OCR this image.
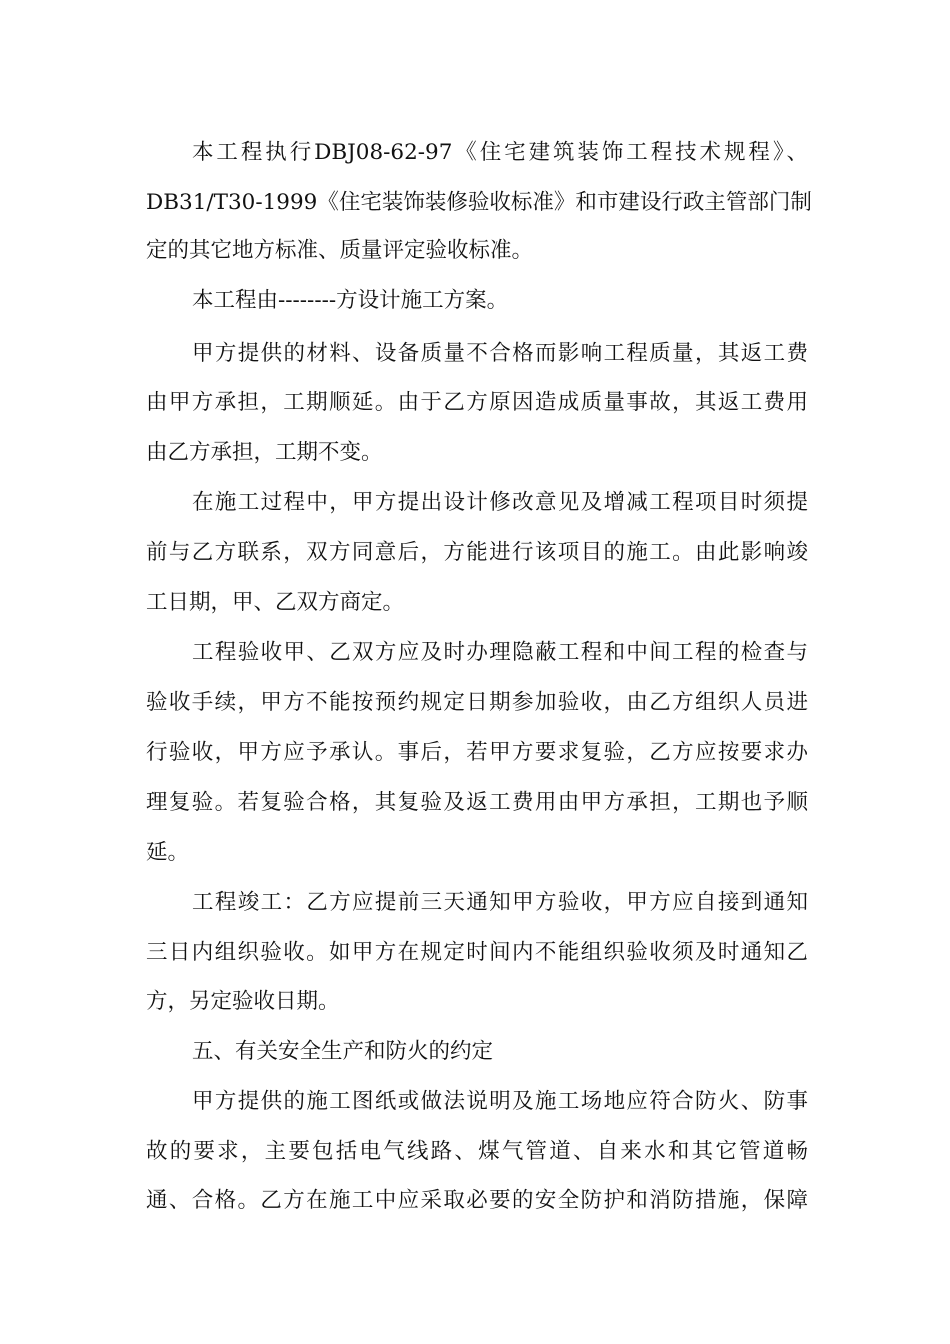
本工程执行DBJ08-62-97《住宅建筑装饰工程技术规程》、
DB31/T30-1999《住宅装饰装修验收标准》和市建设行政主管部门制
定的其它地方标准、质量评定验收标准。
本工程由--------方设计施工方案。
甲方提供的材料、设备质量不合格而影响工程质量，其返工费
由甲方承担，工期顺延。由于乙方原因造成质量事故，其返工费用
由乙方承担，工期不变。
在施工过程中，甲方提出设计修改意见及增减工程项目时须提
前与乙方联系，双方同意后，方能进行该项目的施工。由此影响竣
工日期，甲、乙双方商定。
工程验收甲、乙双方应及时办理隐蔽工程和中间工程的检查与
验收手续，甲方不能按预约规定日期参加验收，由乙方组织人员进
行验收，甲方应予承认。事后，若甲方要求复验，乙方应按要求办
理复验。若复验合格，其复验及返工费用由甲方承担，工期也予顺
延。
工程竣工：乙方应提前三天通知甲方验收，甲方应自接到通知
三日内组织验收。如甲方在规定时间内不能组织验收须及时通知乙
方，另定验收日期。
五、有关安全生产和防火的约定
甲方提供的施工图纸或做法说明及施工场地应符合防火、防事
故的要求，主要包括电气线路、煤气管道、自来水和其它管道畅
通、合格。乙方在施工中应采取必要的安全防护和消防措施，保障
